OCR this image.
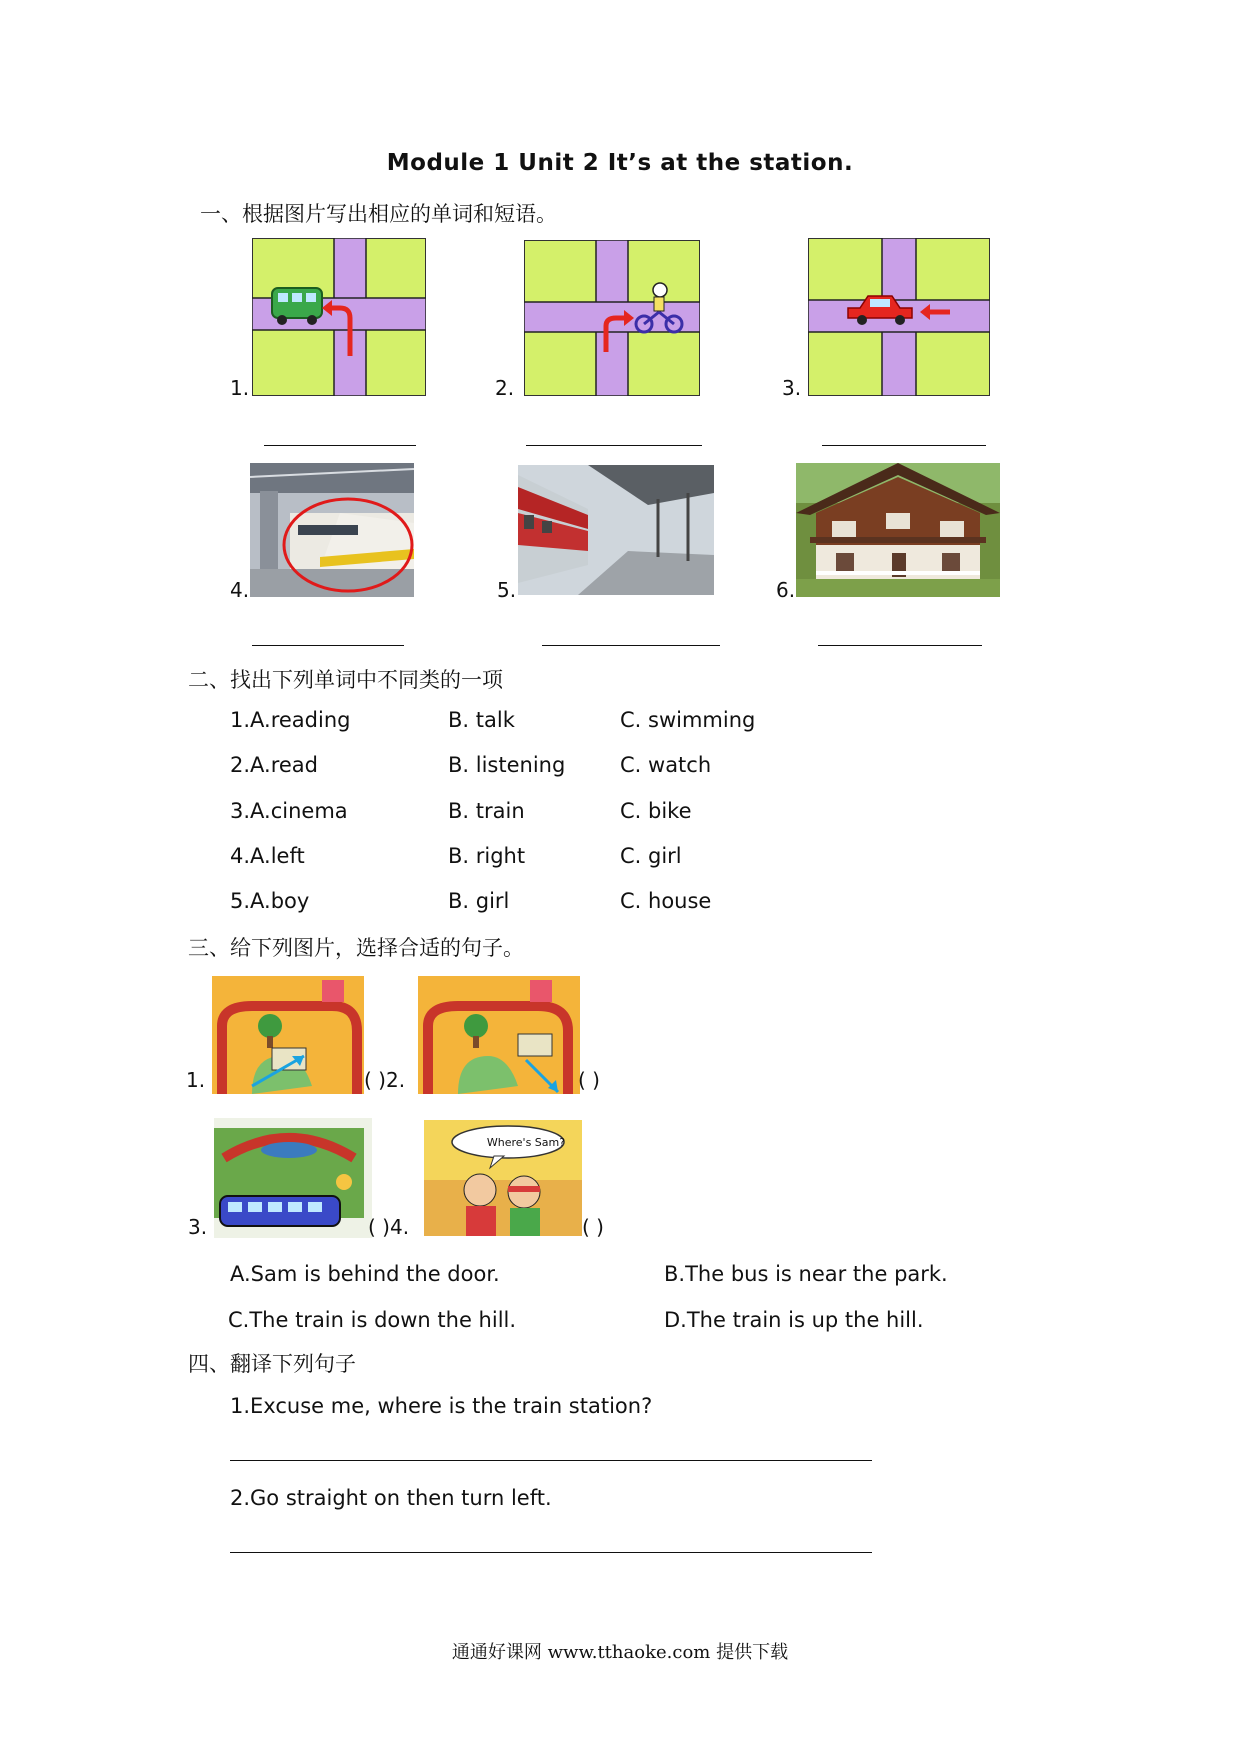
Module 1 Unit 2 It’s at the station.
一、根据图片写出相应的单词和短语。
1.	2.	3.
4.	5.	6.
二、找出下列单词中不同类的一项
1.A.reading	B. talk	C. swimming
2.A.read	B. listening	C. watch
3.A.cinema	B. train	C. bike
4.A.left	B. right	C. girl
5.A.boy	B. girl	C. house
三、给下列图片，选择合适的句子。
1.	( )2.	( )
3.	( )4.
Where's Sam?
( )
A.Sam is behind the door.	B.The bus is near the park.
C.The train is down the hill.	D.The train is up the hill.
四、翻译下列句子
1.Excuse me, where is the train station?
2.Go straight on then turn left.
通通好课网 www.tthaoke.com 提供下载
